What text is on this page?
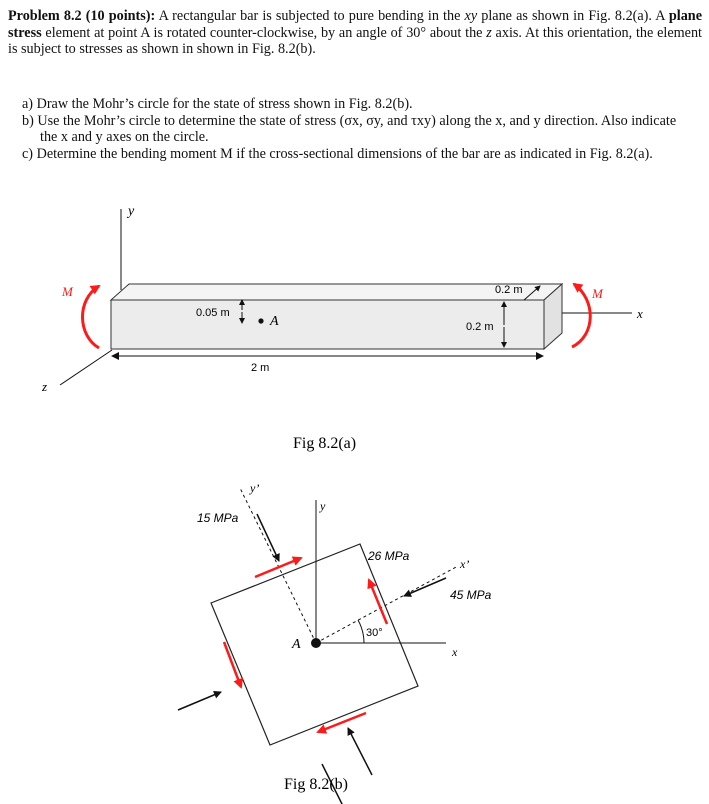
Problem 8.2 (10 points): A rectangular bar is subjected to pure bending in the xy plane as shown in Fig. 8.2(a). A plane stress element at point A is rotated counter-clockwise, by an angle of 30° about the z axis. At this orientation, the element is subject to stresses as shown in shown in Fig. 8.2(b).

a) Draw the Mohr’s circle for the state of stress shown in Fig. 8.2(b).
b) Use the Mohr’s circle to determine the state of stress (σx, σy, and τxy) along the x, and y direction. Also indicate the x and y axes on the circle.
c) Determine the bending moment M if the cross-sectional dimensions of the bar are as indicated in Fig. 8.2(a).
y
z
x
0.05 m
A
0.2 m
0.2 m
2 m
M	M
Fig 8.2(a)
y
x
y’
x’
30°
A
15 MPa
45 MPa
26 MPa
Fig 8.2(b)
